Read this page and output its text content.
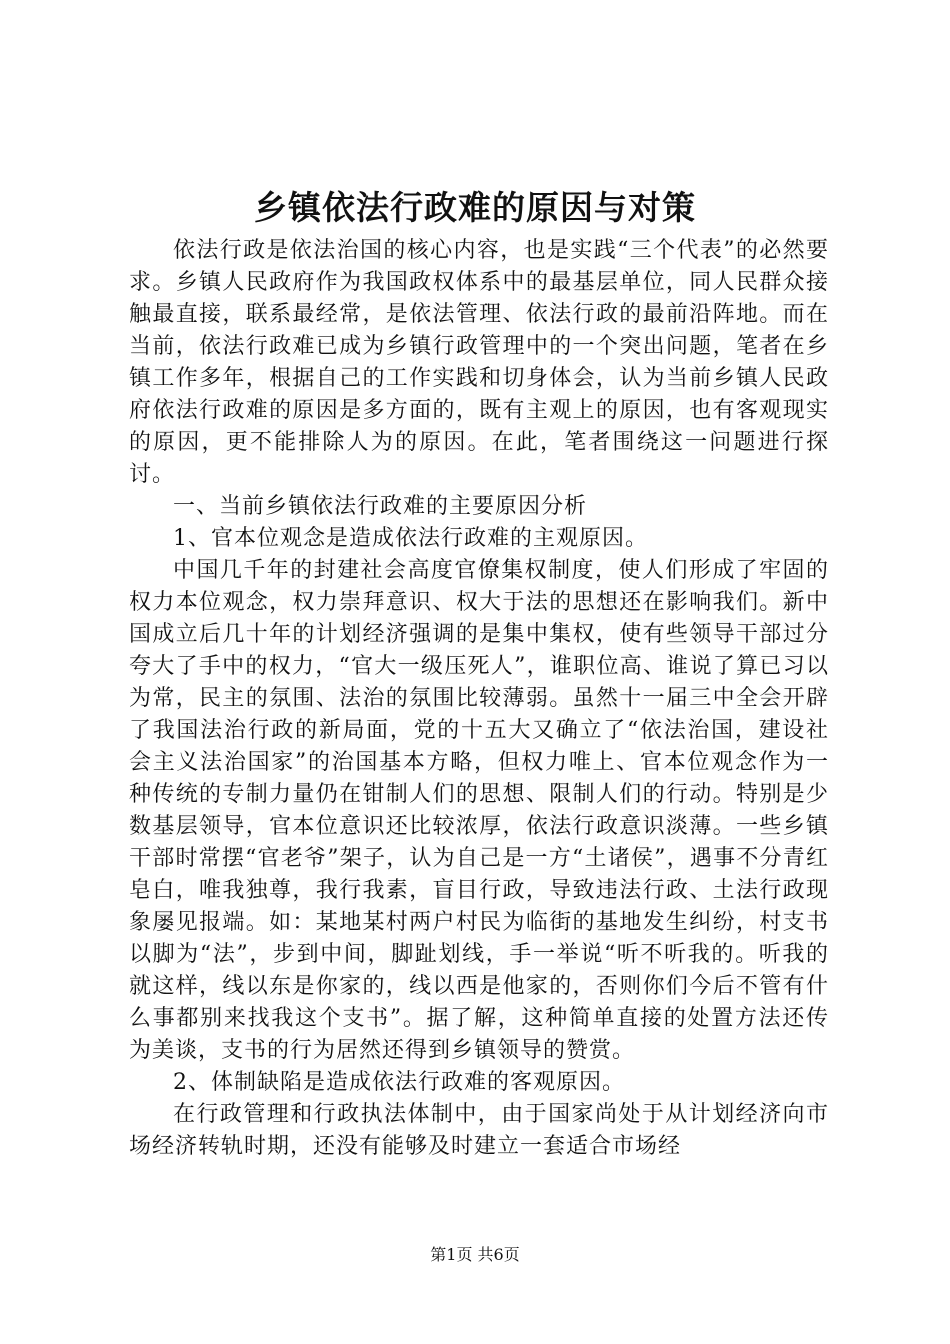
乡镇依法行政难的原因与对策

依法行政是依法治国的核心内容，也是实践“三个代表”的必然要求。乡镇人民政府作为我国政权体系中的最基层单位，同人民群众接触最直接，联系最经常，是依法管理、依法行政的最前沿阵地。而在当前，依法行政难已成为乡镇行政管理中的一个突出问题，笔者在乡镇工作多年，根据自己的工作实践和切身体会，认为当前乡镇人民政府依法行政难的原因是多方面的，既有主观上的原因，也有客观现实的原因，更不能排除人为的原因。在此，笔者围绕这一问题进行探讨。

一、当前乡镇依法行政难的主要原因分析

1、官本位观念是造成依法行政难的主观原因。

中国几千年的封建社会高度官僚集权制度，使人们形成了牢固的权力本位观念，权力崇拜意识、权大于法的思想还在影响我们。新中国成立后几十年的计划经济强调的是集中集权，使有些领导干部过分夸大了手中的权力，“官大一级压死人”，谁职位高、谁说了算已习以为常，民主的氛围、法治的氛围比较薄弱。虽然十一届三中全会开辟了我国法治行政的新局面，党的十五大又确立了“依法治国，建设社会主义法治国家”的治国基本方略，但权力唯上、官本位观念作为一种传统的专制力量仍在钳制人们的思想、限制人们的行动。特别是少数基层领导，官本位意识还比较浓厚，依法行政意识淡薄。一些乡镇干部时常摆“官老爷”架子，认为自己是一方“土诸侯”，遇事不分青红皂白，唯我独尊，我行我素，盲目行政，导致违法行政、土法行政现象屡见报端。如：某地某村两户村民为临街的基地发生纠纷，村支书以脚为“法”，步到中间，脚趾划线，手一举说“听不听我的。听我的就这样，线以东是你家的，线以西是他家的，否则你们今后不管有什么事都别来找我这个支书”。据了解，这种简单直接的处置方法还传为美谈，支书的行为居然还得到乡镇领导的赞赏。

2、体制缺陷是造成依法行政难的客观原因。

在行政管理和行政执法体制中，由于国家尚处于从计划经济向市场经济转轨时期，还没有能够及时建立一套适合市场经

第1页 共6页
